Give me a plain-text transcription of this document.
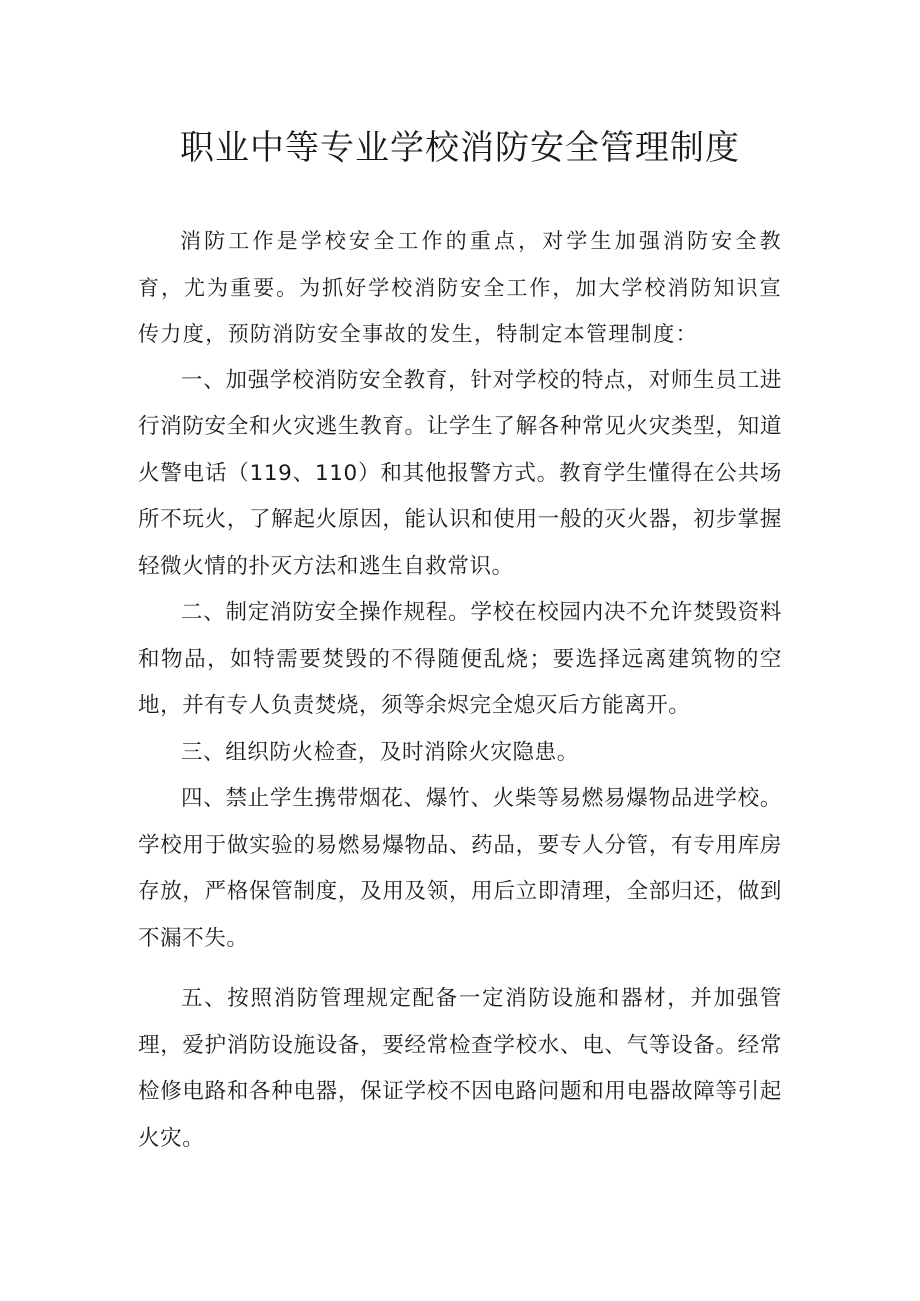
职业中等专业学校消防安全管理制度

消防工作是学校安全工作的重点，对学生加强消防安全教育，尤为重要。为抓好学校消防安全工作，加大学校消防知识宣传力度，预防消防安全事故的发生，特制定本管理制度：

一、加强学校消防安全教育，针对学校的特点，对师生员工进行消防安全和火灾逃生教育。让学生了解各种常见火灾类型，知道火警电话（119、110）和其他报警方式。教育学生懂得在公共场所不玩火，了解起火原因，能认识和使用一般的灭火器，初步掌握轻微火情的扑灭方法和逃生自救常识。

二、制定消防安全操作规程。学校在校园内决不允许焚毁资料和物品，如特需要焚毁的不得随便乱烧；要选择远离建筑物的空地，并有专人负责焚烧，须等余烬完全熄灭后方能离开。

三、组织防火检查，及时消除火灾隐患。

四、禁止学生携带烟花、爆竹、火柴等易燃易爆物品进学校。学校用于做实验的易燃易爆物品、药品，要专人分管，有专用库房存放，严格保管制度，及用及领，用后立即清理，全部归还，做到不漏不失。

五、按照消防管理规定配备一定消防设施和器材，并加强管理，爱护消防设施设备，要经常检查学校水、电、气等设备。经常检修电路和各种电器，保证学校不因电路问题和用电器故障等引起火灾。
